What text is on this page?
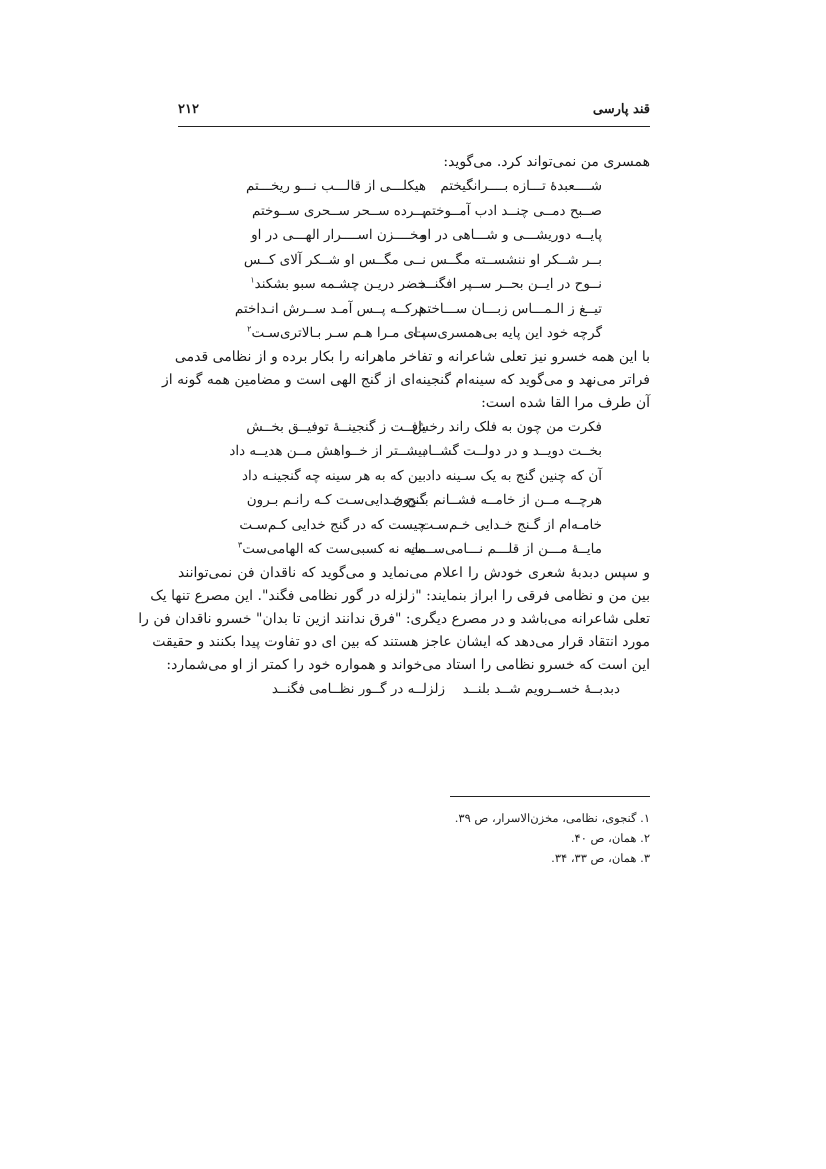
قند پارسی
۲۱۲
همسری من نمی‌تواند کرد. می‌گوید:
شــــعبدهٔ تـــازه بــــرانگیختم
هیکلـــی از قالـــب نـــو ریخـــتم
صــبح دمــی چنــد ادب آمــوختم
پــرده ســحر ســحری ســوختم
پایــه دوریشـــی و شـــاهی در او
مخــــزن اســــرار الهـــی در او
بــر شــکر او ننشســته مگــس
نــی مگــس او شــکر آلای کــس
نــوح در ایــن بحــر ســپر افگنــد
خضر دریـن چشـمه سبو بشکند$^۱$
تیــغ ز الـمـــاس زبـــان ســـاختم
هرکــه پــس آمـد ســرش انـداختم
گرچه خود این پایه بی‌همسری‌ست
پـای مـرا هـم سـر بـالاتری‌سـت$^۲$
با این همه خسرو نیز تعلی شاعرانه و تفاخر ماهرانه را بکار برده و از نظامی قدمی
فراتر می‌نهد و می‌گوید که سینه‌ام گنجینه‌ای از گنج الهی است و مضامین همه گونه از
آن طرف مرا القا شده است:
فکرت من چون به فلک راند رخش
یافــت ز گنجینــهٔ توفیــق بخــش
بخــت دویــد و در دولــت گشــاد
بیشــتر از خــواهش مــن هدیــه داد
آن که چنین گنج به یک سـینه داد
بین که به هر سینه چه گنجینـه داد
هرچــه مــن از خامــه فشــانم بــرون
گنج خـدایی‌سـت کـه رانـم بـرون
خامـه‌ام از گـنج خـدایی خـم‌سـت
چیست که در گنج خدایی کـم‌سـت
مایــهٔ مـــن از قلـــم نـــامی‌ســـت
مایه نه کسبی‌ست که الهامی‌ست$^۳$
و سپس دبدبهٔ شعری خودش را اعلام می‌نماید و می‌گوید که ناقدان فن نمی‌توانند
بین من و نظامی فرقی را ابراز بنمایند: "زلزله در گور نظامی فگند". این مصرع تنها یک
تعلی شاعرانه می‌باشد و در مصرع دیگری: "فرق ندانند ازین تا بدان" خسرو ناقدان فن را
مورد انتقاد قرار می‌دهد که ایشان عاجز هستند که بین ای دو تفاوت پیدا بکنند و حقیقت
این است که خسرو نظامی را استاد می‌خواند و همواره خود را کمتر از او می‌شمارد:
دبدبــهٔ خســرویم شــد بلنــد
زلزلــه در گــور نظــامی فگنــد
۱. گنجوی، نظامی، مخزن‌الاسرار، ص ۳۹.
۲. همان، ص ۴۰.
۳. همان، ص ۳۳، ۳۴.
